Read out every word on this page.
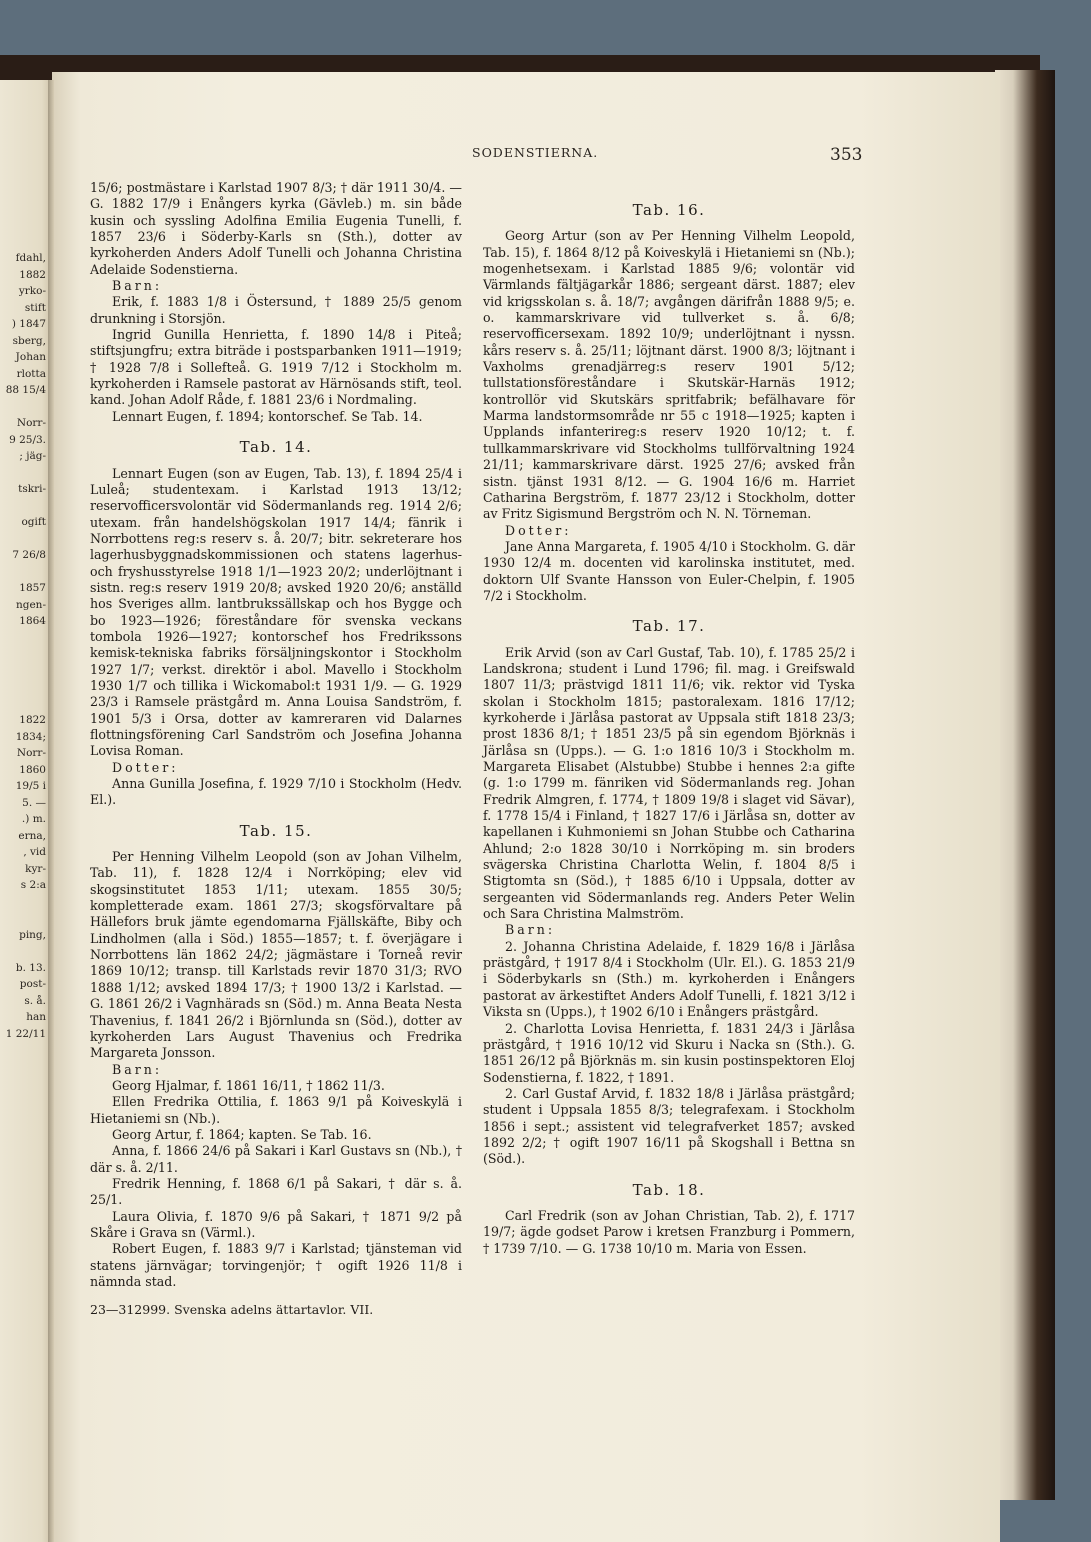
fdahl,
1882
yrko-
stift
) 1847
sberg,
Johan
rlotta
88 15/4

Norr-
9 25/3.
; jäg-

tskri-

ogift

7 26/8

1857
ngen-
1864

1822
1834;
Norr-
1860
19/5 i
5. —
.) m.
erna,
, vid
kyr-
s 2:a

ping,

b. 13.
post-
s. å.
han
1 22/11
SODENSTIERNA.	353

15/6; postmästare i Karlstad 1907 8/3; † där 1911 30/4. — G. 1882 17/9 i Enångers kyrka (Gävleb.) m. sin både kusin och syssling Adolfina Emilia Eugenia Tunelli, f. 1857 23/6 i Söderby-Karls sn (Sth.), dotter av kyrkoherden Anders Adolf Tunelli och Johanna Christina Adelaide Sodenstierna.

Barn:

Erik, f. 1883 1/8 i Östersund, † 1889 25/5 genom drunkning i Storsjön.

Ingrid Gunilla Henrietta, f. 1890 14/8 i Piteå; stiftsjungfru; extra biträde i postsparbanken 1911—1919; † 1928 7/8 i Sollefteå. G. 1919 7/12 i Stockholm m. kyrkoherden i Ramsele pastorat av Härnösands stift, teol. kand. Johan Adolf Råde, f. 1881 23/6 i Nordmaling.

Lennart Eugen, f. 1894; kontorschef. Se Tab. 14.

Tab. 14.

Lennart Eugen (son av Eugen, Tab. 13), f. 1894 25/4 i Luleå; studentexam. i Karlstad 1913 13/12; reservofficersvolontär vid Södermanlands reg. 1914 2/6; utexam. från handelshögskolan 1917 14/4; fänrik i Norrbottens reg:s reserv s. å. 20/7; bitr. sekreterare hos lagerhusbyggnadskommissionen och statens lagerhus- och fryshusstyrelse 1918 1/1—1923 20/2; underlöjtnant i sistn. reg:s reserv 1919 20/8; avsked 1920 20/6; anställd hos Sveriges allm. lantbrukssällskap och hos Bygge och bo 1923—1926; föreståndare för svenska veckans tombola 1926—1927; kontorschef hos Fredrikssons kemisk-tekniska fabriks försäljningskontor i Stockholm 1927 1/7; verkst. direktör i abol. Mavello i Stockholm 1930 1/7 och tillika i Wickomabol:t 1931 1/9. — G. 1929 23/3 i Ramsele prästgård m. Anna Louisa Sandström, f. 1901 5/3 i Orsa, dotter av kamreraren vid Dalarnes flottningsförening Carl Sandström och Josefina Johanna Lovisa Roman.

Dotter:

Anna Gunilla Josefina, f. 1929 7/10 i Stockholm (Hedv. El.).

Tab. 15.

Per Henning Vilhelm Leopold (son av Johan Vilhelm, Tab. 11), f. 1828 12/4 i Norrköping; elev vid skogsinstitutet 1853 1/11; utexam. 1855 30/5; kompletterade exam. 1861 27/3; skogsförvaltare på Hällefors bruk jämte egendomarna Fjällskäfte, Biby och Lindholmen (alla i Söd.) 1855—1857; t. f. överjägare i Norrbottens län 1862 24/2; jägmästare i Torneå revir 1869 10/12; transp. till Karlstads revir 1870 31/3; RVO 1888 1/12; avsked 1894 17/3; † 1900 13/2 i Karlstad. — G. 1861 26/2 i Vagnhärads sn (Söd.) m. Anna Beata Nesta Thavenius, f. 1841 26/2 i Björnlunda sn (Söd.), dotter av kyrkoherden Lars August Thavenius och Fredrika Margareta Jonsson.

Barn:

Georg Hjalmar, f. 1861 16/11, † 1862 11/3.

Ellen Fredrika Ottilia, f. 1863 9/1 på Koiveskylä i Hietaniemi sn (Nb.).

Georg Artur, f. 1864; kapten. Se Tab. 16.

Anna, f. 1866 24/6 på Sakari i Karl Gustavs sn (Nb.), † där s. å. 2/11.

Fredrik Henning, f. 1868 6/1 på Sakari, † där s. å. 25/1.

Laura Olivia, f. 1870 9/6 på Sakari, † 1871 9/2 på Skåre i Grava sn (Värml.).

Robert Eugen, f. 1883 9/7 i Karlstad; tjänsteman vid statens järnvägar; torvingenjör; † ogift 1926 11/8 i nämnda stad.

23—312999. Svenska adelns ättartavlor. VII.

Tab. 16.

Georg Artur (son av Per Henning Vilhelm Leopold, Tab. 15), f. 1864 8/12 på Koiveskylä i Hietaniemi sn (Nb.); mogenhetsexam. i Karlstad 1885 9/6; volontär vid Värmlands fältjägarkår 1886; sergeant därst. 1887; elev vid krigsskolan s. å. 18/7; avgången därifrån 1888 9/5; e. o. kammarskrivare vid tullverket s. å. 6/8; reservofficersexam. 1892 10/9; underlöjtnant i nyssn. kårs reserv s. å. 25/11; löjtnant därst. 1900 8/3; löjtnant i Vaxholms grenadjärreg:s reserv 1901 5/12; tullstationsföreståndare i Skutskär-Harnäs 1912; kontrollör vid Skutskärs spritfabrik; befälhavare för Marma landstormsområde nr 55 c 1918—1925; kapten i Upplands infanterireg:s reserv 1920 10/12; t. f. tullkammarskrivare vid Stockholms tullförvaltning 1924 21/11; kammarskrivare därst. 1925 27/6; avsked från sistn. tjänst 1931 8/12. — G. 1904 16/6 m. Harriet Catharina Bergström, f. 1877 23/12 i Stockholm, dotter av Fritz Sigismund Bergström och N. N. Törneman.

Dotter:

Jane Anna Margareta, f. 1905 4/10 i Stockholm. G. där 1930 12/4 m. docenten vid karolinska institutet, med. doktorn Ulf Svante Hansson von Euler-Chelpin, f. 1905 7/2 i Stockholm.

Tab. 17.

Erik Arvid (son av Carl Gustaf, Tab. 10), f. 1785 25/2 i Landskrona; student i Lund 1796; fil. mag. i Greifswald 1807 11/3; prästvigd 1811 11/6; vik. rektor vid Tyska skolan i Stockholm 1815; pastoralexam. 1816 17/12; kyrkoherde i Järlåsa pastorat av Uppsala stift 1818 23/3; prost 1836 8/1; † 1851 23/5 på sin egendom Björknäs i Järlåsa sn (Upps.). — G. 1:o 1816 10/3 i Stockholm m. Margareta Elisabet (Alstubbe) Stubbe i hennes 2:a gifte (g. 1:o 1799 m. fänriken vid Södermanlands reg. Johan Fredrik Almgren, f. 1774, † 1809 19/8 i slaget vid Sävar), f. 1778 15/4 i Finland, † 1827 17/6 i Järlåsa sn, dotter av kapellanen i Kuhmoniemi sn Johan Stubbe och Catharina Ahlund; 2:o 1828 30/10 i Norrköping m. sin broders svägerska Christina Charlotta Welin, f. 1804 8/5 i Stigtomta sn (Söd.), † 1885 6/10 i Uppsala, dotter av sergeanten vid Södermanlands reg. Anders Peter Welin och Sara Christina Malmström.

Barn:

2. Johanna Christina Adelaide, f. 1829 16/8 i Järlåsa prästgård, † 1917 8/4 i Stockholm (Ulr. El.). G. 1853 21/9 i Söderbykarls sn (Sth.) m. kyrkoherden i Enångers pastorat av ärkestiftet Anders Adolf Tunelli, f. 1821 3/12 i Viksta sn (Upps.), † 1902 6/10 i Enångers prästgård.

2. Charlotta Lovisa Henrietta, f. 1831 24/3 i Järlåsa prästgård, † 1916 10/12 vid Skuru i Nacka sn (Sth.). G. 1851 26/12 på Björknäs m. sin kusin postinspektoren Eloj Sodenstierna, f. 1822, † 1891.

2. Carl Gustaf Arvid, f. 1832 18/8 i Järlåsa prästgård; student i Uppsala 1855 8/3; telegrafexam. i Stockholm 1856 i sept.; assistent vid telegrafverket 1857; avsked 1892 2/2; † ogift 1907 16/11 på Skogshall i Bettna sn (Söd.).

Tab. 18.

Carl Fredrik (son av Johan Christian, Tab. 2), f. 1717 19/7; ägde godset Parow i kretsen Franzburg i Pommern, † 1739 7/10. — G. 1738 10/10 m. Maria von Essen.
